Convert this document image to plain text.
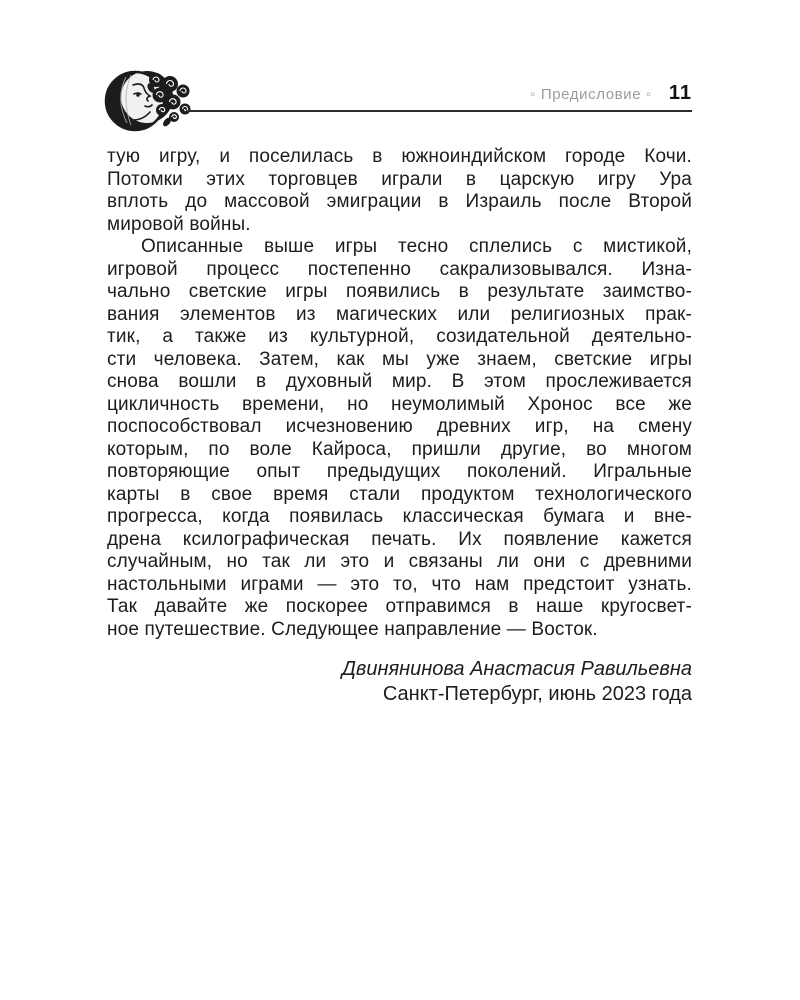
◦ Предисловие ◦ 11
тую игру, и поселилась в южноиндийском городе Кочи.
Потомки этих торговцев играли в царскую игру Ура
вплоть до массовой эмиграции в Израиль после Второй
мировой войны.
Описанные выше игры тесно сплелись с мистикой,
игровой процесс постепенно сакрализовывался. Изна-
чально светские игры появились в результате заимство-
вания элементов из магических или религиозных прак-
тик, а также из культурной, созидательной деятельно-
сти человека. Затем, как мы уже знаем, светские игры
снова вошли в духовный мир. В этом прослеживается
цикличность времени, но неумолимый Хронос все же
поспособствовал исчезновению древних игр, на смену
которым, по воле Кайроса, пришли другие, во многом
повторяющие опыт предыдущих поколений. Игральные
карты в свое время стали продуктом технологического
прогресса, когда появилась классическая бумага и вне-
дрена ксилографическая печать. Их появление кажется
случайным, но так ли это и связаны ли они с древними
настольными играми — это то, что нам предстоит узнать.
Так давайте же поскорее отправимся в наше кругосвет-
ное путешествие. Следующее направление — Восток.
Двинянинова Анастасия Равильевна
Санкт-Петербург, июнь 2023 года
